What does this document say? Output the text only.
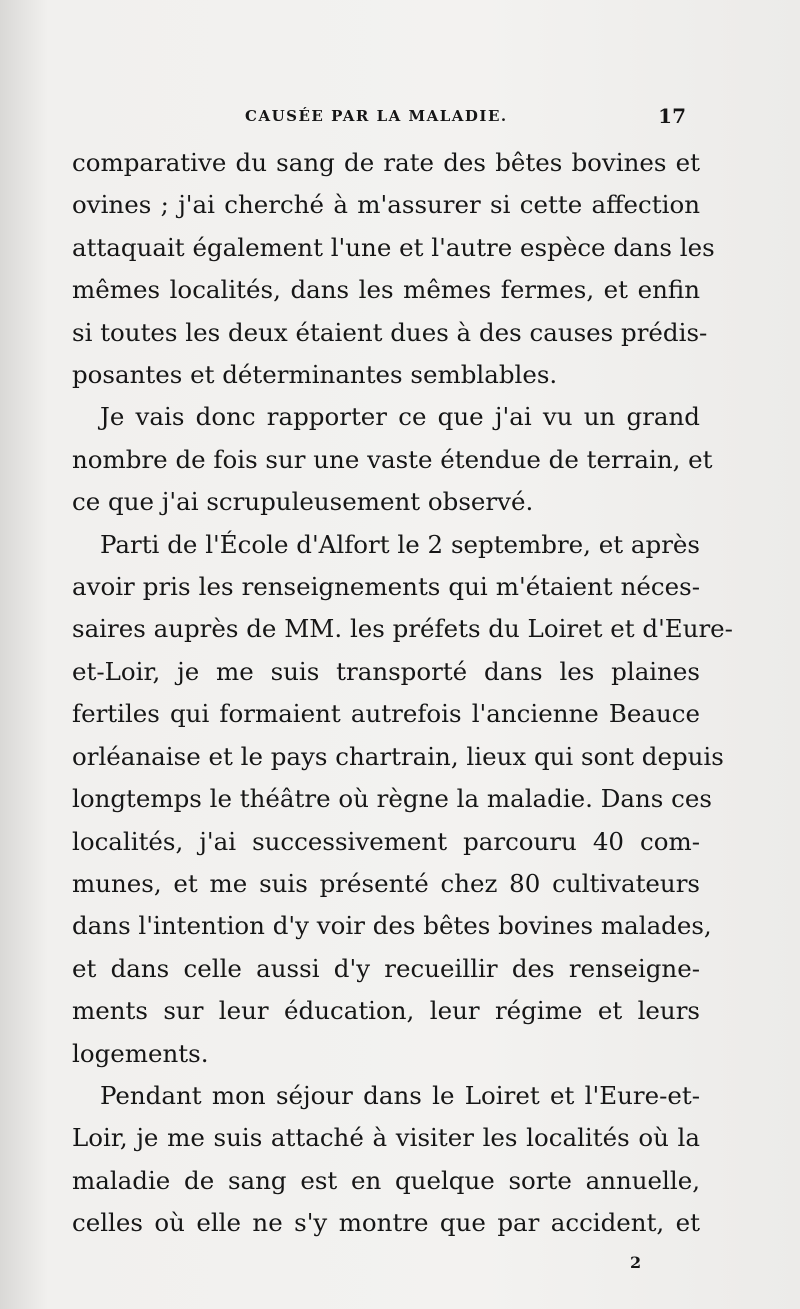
CAUSÉE PAR LA MALADIE.	17
comparative du sang de rate des bêtes bovines et
ovines ; j'ai cherché à m'assurer si cette affection
attaquait également l'une et l'autre espèce dans les
mêmes localités, dans les mêmes fermes, et enfin
si toutes les deux étaient dues à des causes prédis-
posantes et déterminantes semblables.
Je vais donc rapporter ce que j'ai vu un grand
nombre de fois sur une vaste étendue de terrain, et
ce que j'ai scrupuleusement observé.
Parti de l'École d'Alfort le 2 septembre, et après
avoir pris les renseignements qui m'étaient néces-
saires auprès de MM. les préfets du Loiret et d'Eure-
et-Loir, je me suis transporté dans les plaines
fertiles qui formaient autrefois l'ancienne Beauce
orléanaise et le pays chartrain, lieux qui sont depuis
longtemps le théâtre où règne la maladie. Dans ces
localités, j'ai successivement parcouru 40 com-
munes, et me suis présenté chez 80 cultivateurs
dans l'intention d'y voir des bêtes bovines malades,
et dans celle aussi d'y recueillir des renseigne-
ments sur leur éducation, leur régime et leurs
logements.
Pendant mon séjour dans le Loiret et l'Eure-et-
Loir, je me suis attaché à visiter les localités où la
maladie de sang est en quelque sorte annuelle,
celles où elle ne s'y montre que par accident, et
2
